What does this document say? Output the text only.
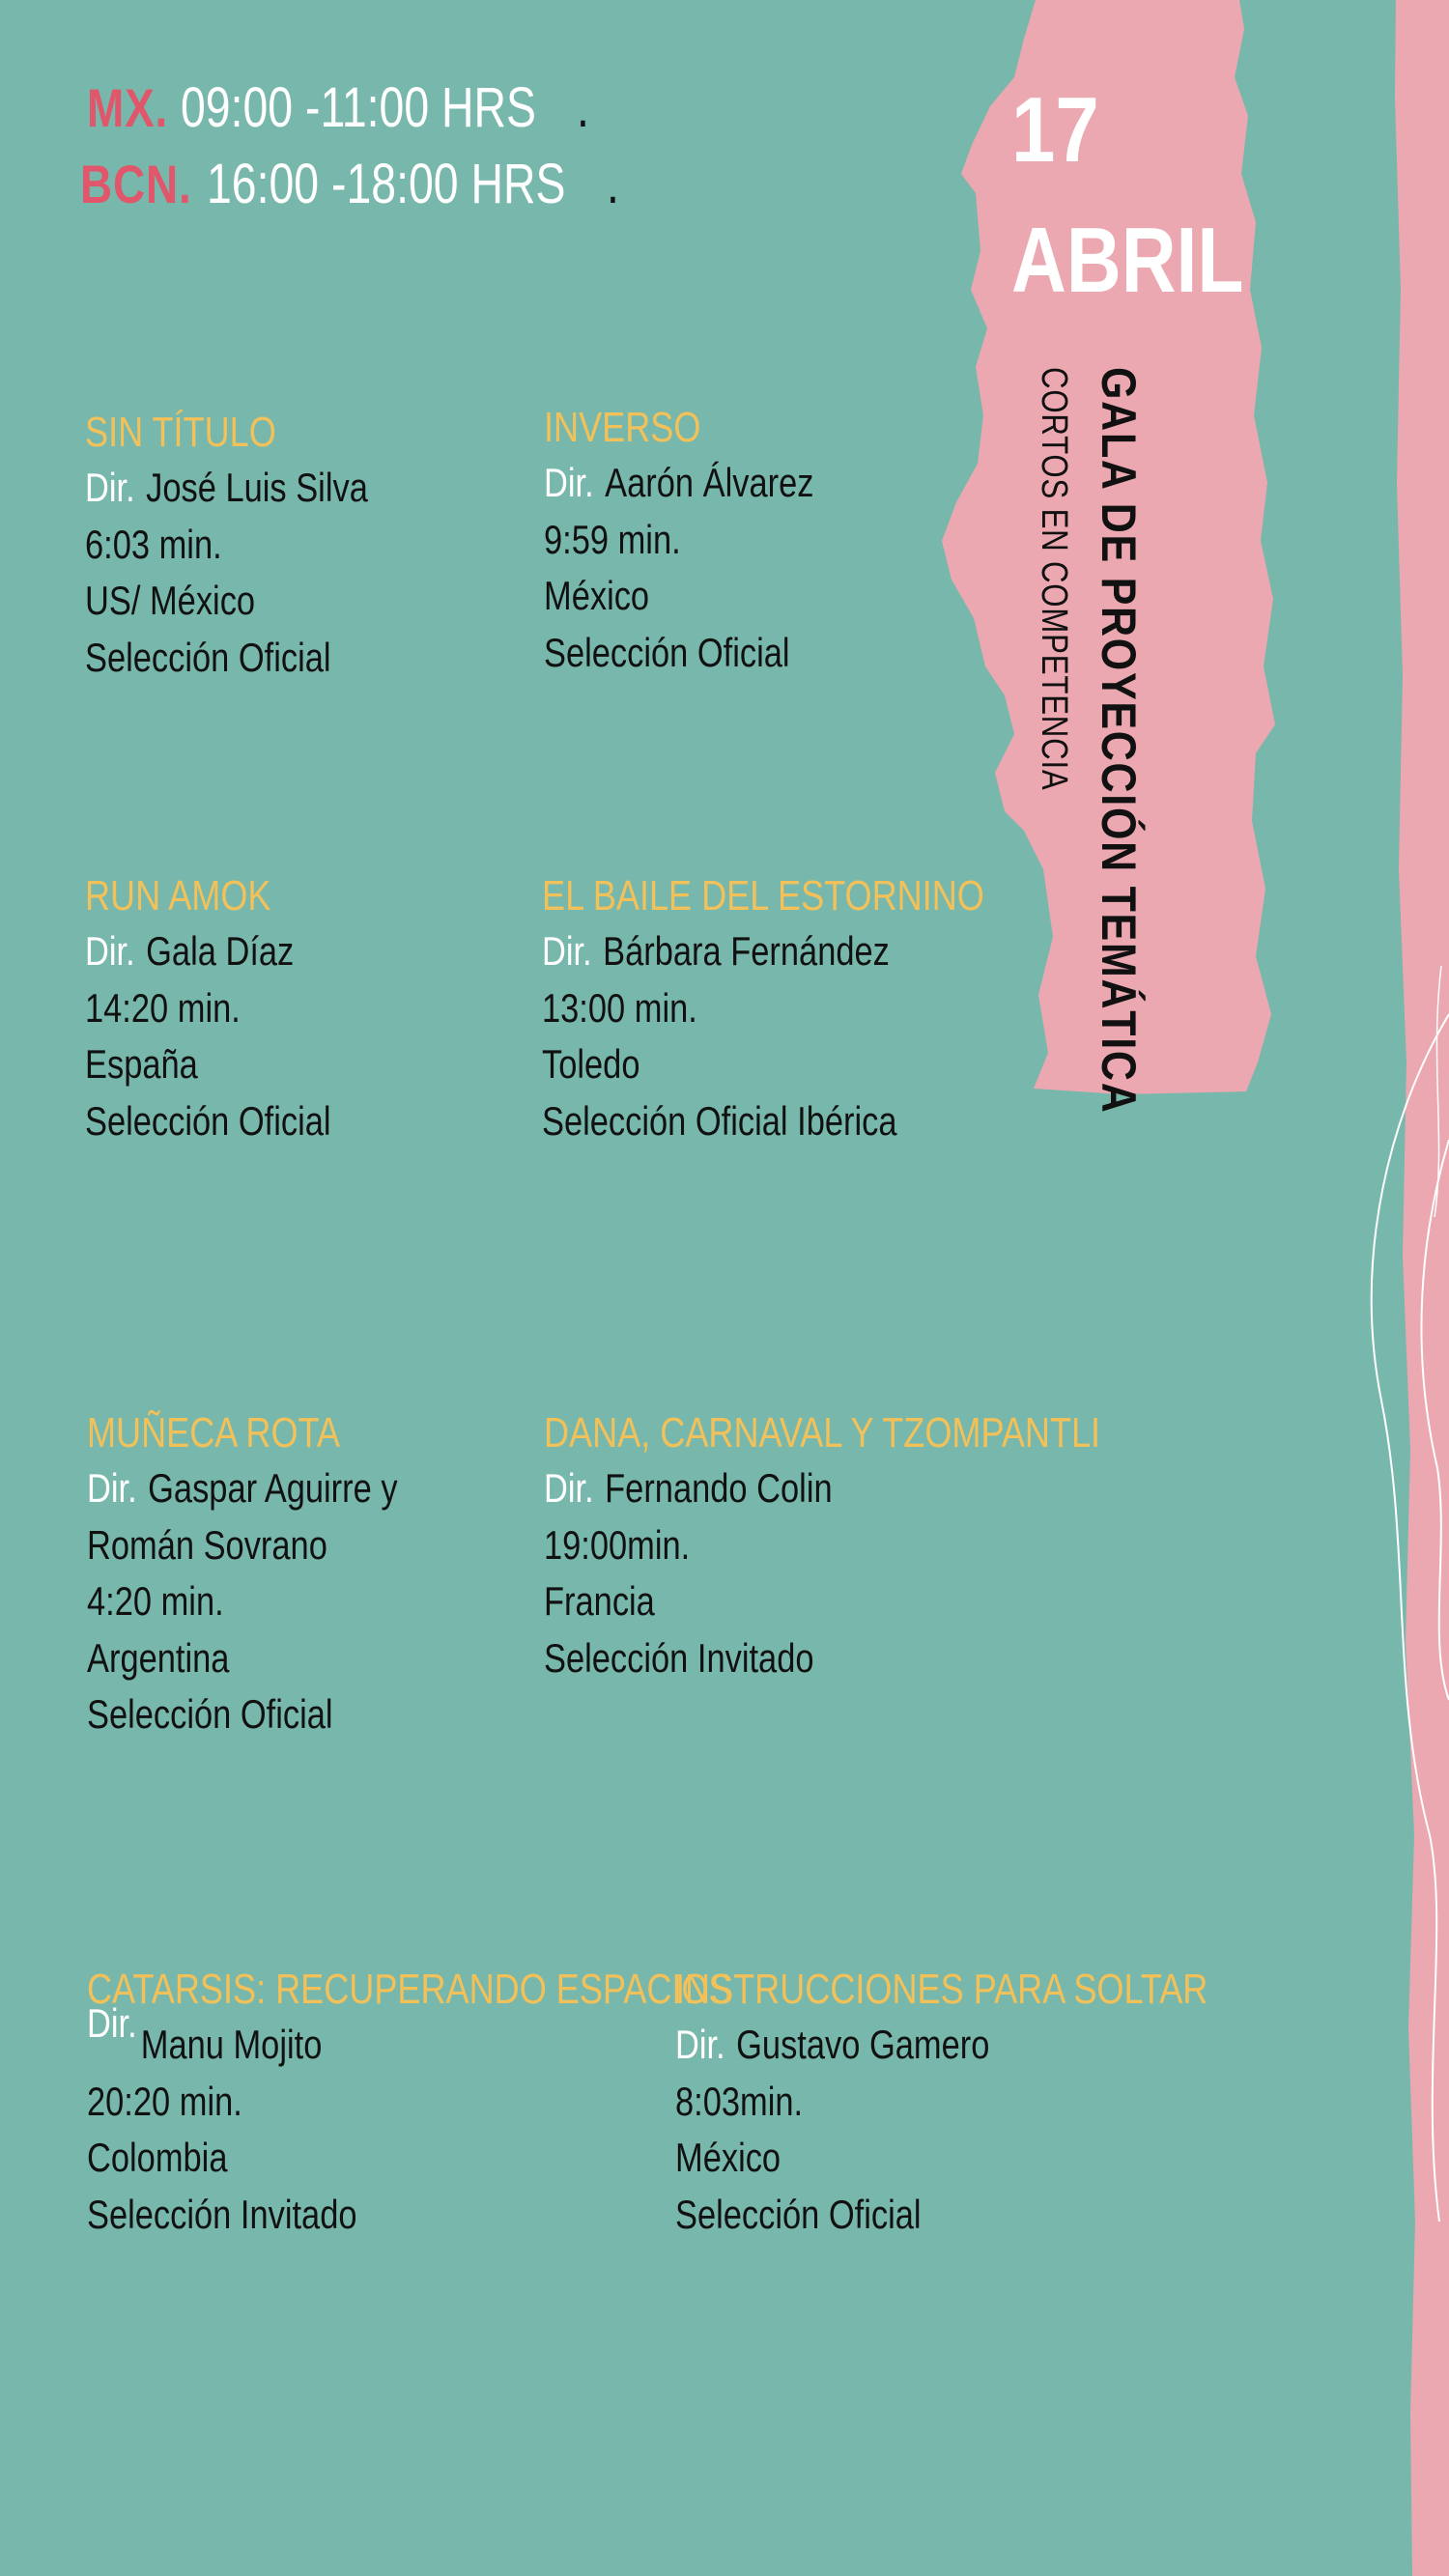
MX. 09:00 -11:00 HRS .
BCN. 16:00 -18:00 HRS .
17
ABRIL
GALA DE PROYECCIÓN TEMÁTICA
CORTOS EN COMPETENCIA
SIN TÍTULO
Dir. José Luis Silva
6:03 min.
US/ México
Selección Oficial
INVERSO
Dir. Aarón Álvarez
9:59 min.
México
Selección Oficial
RUN AMOK
Dir. Gala Díaz
14:20 min.
España
Selección Oficial
EL BAILE DEL ESTORNINO
Dir. Bárbara Fernández
13:00 min.
Toledo
Selección Oficial Ibérica
MUÑECA ROTA
Dir. Gaspar Aguirre y
Román Sovrano
4:20 min.
Argentina
Selección Oficial
DANA, CARNAVAL Y TZOMPANTLI
Dir. Fernando Colin
19:00min.
Francia
Selección Invitado
CATARSIS: RECUPERANDO ESPACIOS
Dir. Manu Mojito
20:20 min.
Colombia
Selección Invitado
INSTRUCCIONES PARA SOLTAR
Dir. Gustavo Gamero
8:03min.
México
Selección Oficial
